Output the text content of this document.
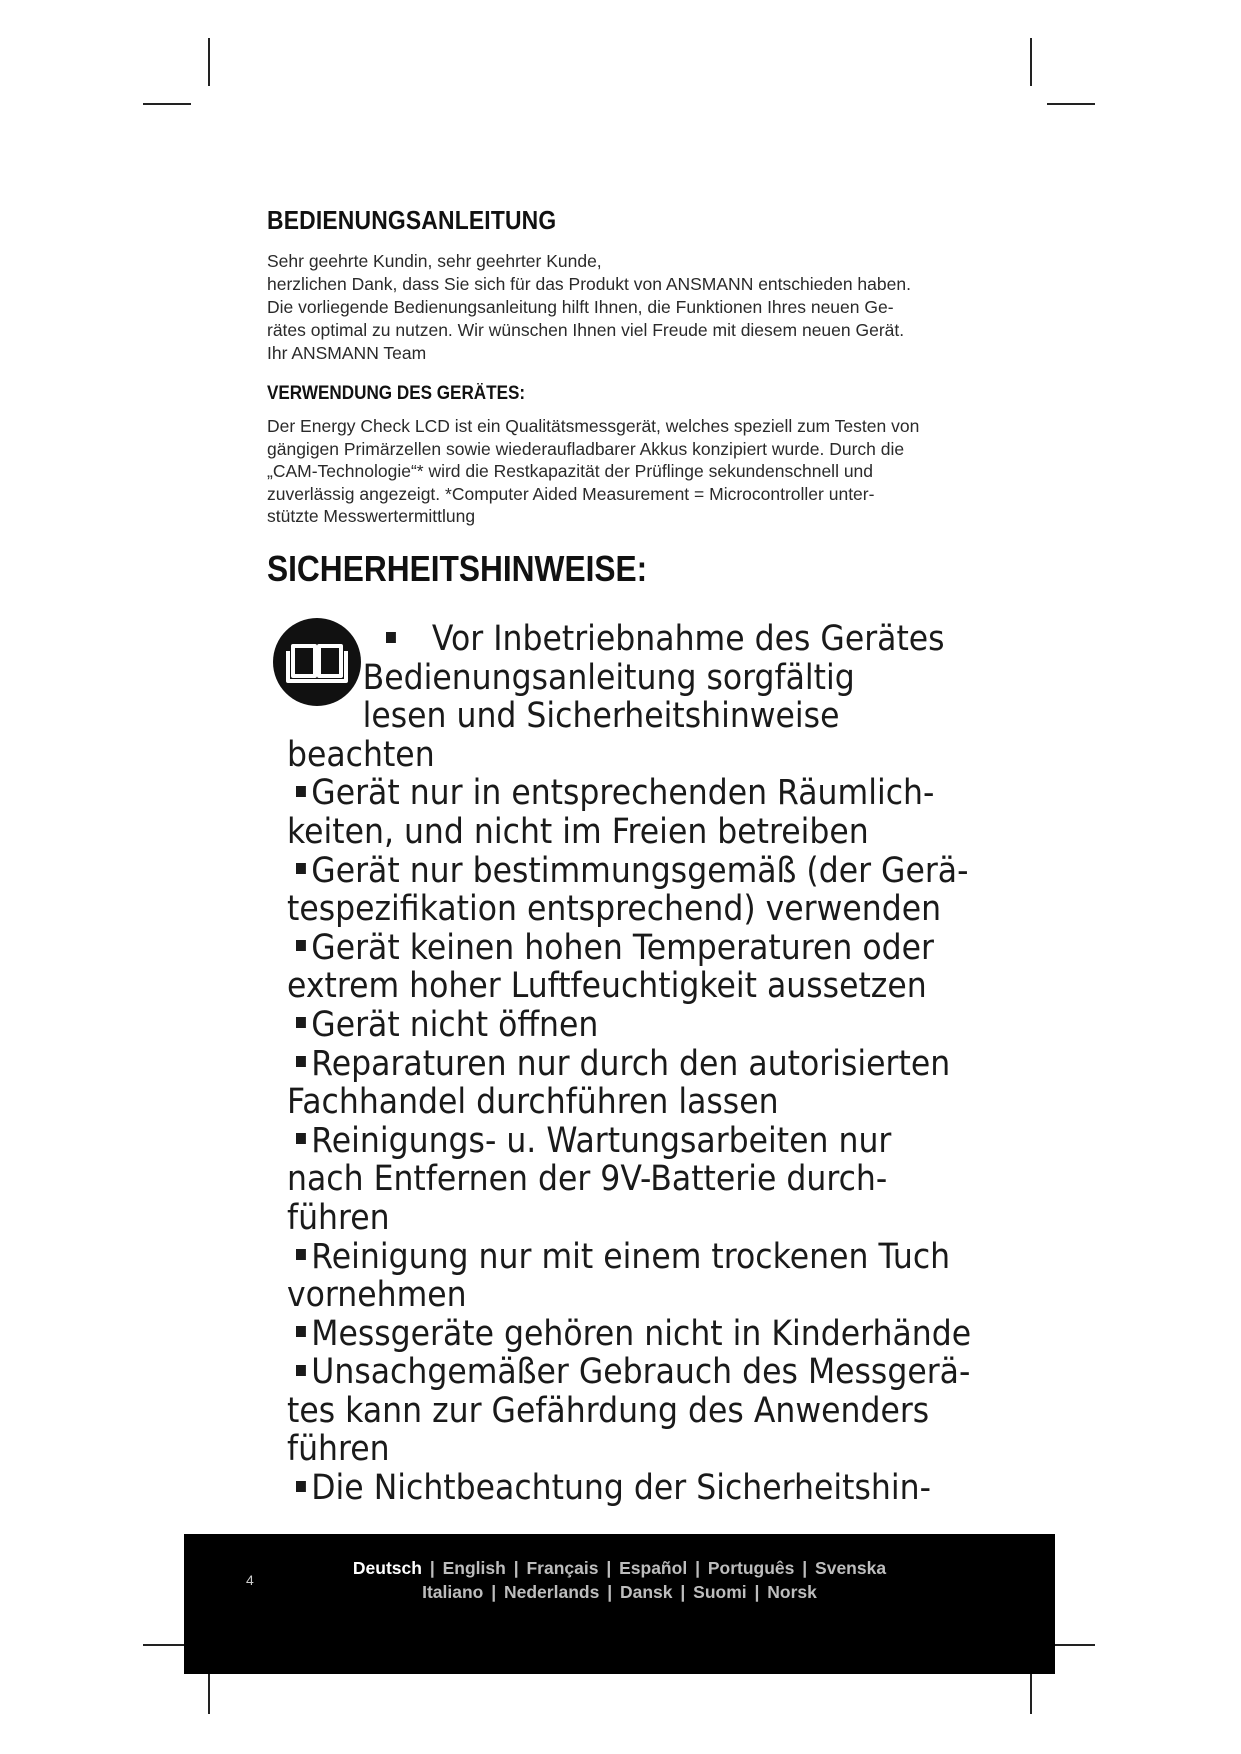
BEDIENUNGSANLEITUNG

Sehr geehrte Kundin, sehr geehrter Kunde,

herzlichen Dank, dass Sie sich für das Produkt von ANSMANN entschieden haben.

Die vorliegende Bedienungsanleitung hilft Ihnen, die Funktionen Ihres neuen Ge-

rätes optimal zu nutzen. Wir wünschen Ihnen viel Freude mit diesem neuen Gerät.

Ihr ANSMANN Team

VERWENDUNG DES GERÄTES:

Der Energy Check LCD ist ein Qualitätsmessgerät, welches speziell zum Testen von

gängigen Primärzellen sowie wiederaufladbarer Akkus konzipiert wurde. Durch die

„CAM-Technologie“* wird die Restkapazität der Prüflinge sekundenschnell und

zuverlässig angezeigt. *Computer Aided Measurement = Microcontroller unter-

stützte Messwertermittlung

SICHERHEITSHINWEISE:

Vor Inbetriebnahme des Gerätes

Bedienungsanleitung sorgfältig

lesen und Sicherheitshinweise

beachten

Gerät nur in entsprechenden Räumlich-

keiten, und nicht im Freien betreiben

Gerät nur bestimmungsgemäß (der Gerä-

tespezifikation entsprechend) verwenden

Gerät keinen hohen Temperaturen oder

extrem hoher Luftfeuchtigkeit aussetzen

Gerät nicht öffnen

Reparaturen nur durch den autorisierten

Fachhandel durchführen lassen

Reinigungs- u. Wartungsarbeiten nur

nach Entfernen der 9V-Batterie durch-

führen

Reinigung nur mit einem trockenen Tuch

vornehmen

Messgeräte gehören nicht in Kinderhände

Unsachgemäßer Gebrauch des Messgerä-

tes kann zur Gefährdung des Anwenders

führen

Die Nichtbeachtung der Sicherheitshin-

4
Deutsch | English | Français | Español | Português | Svenska
Italiano | Nederlands | Dansk | Suomi | Norsk
